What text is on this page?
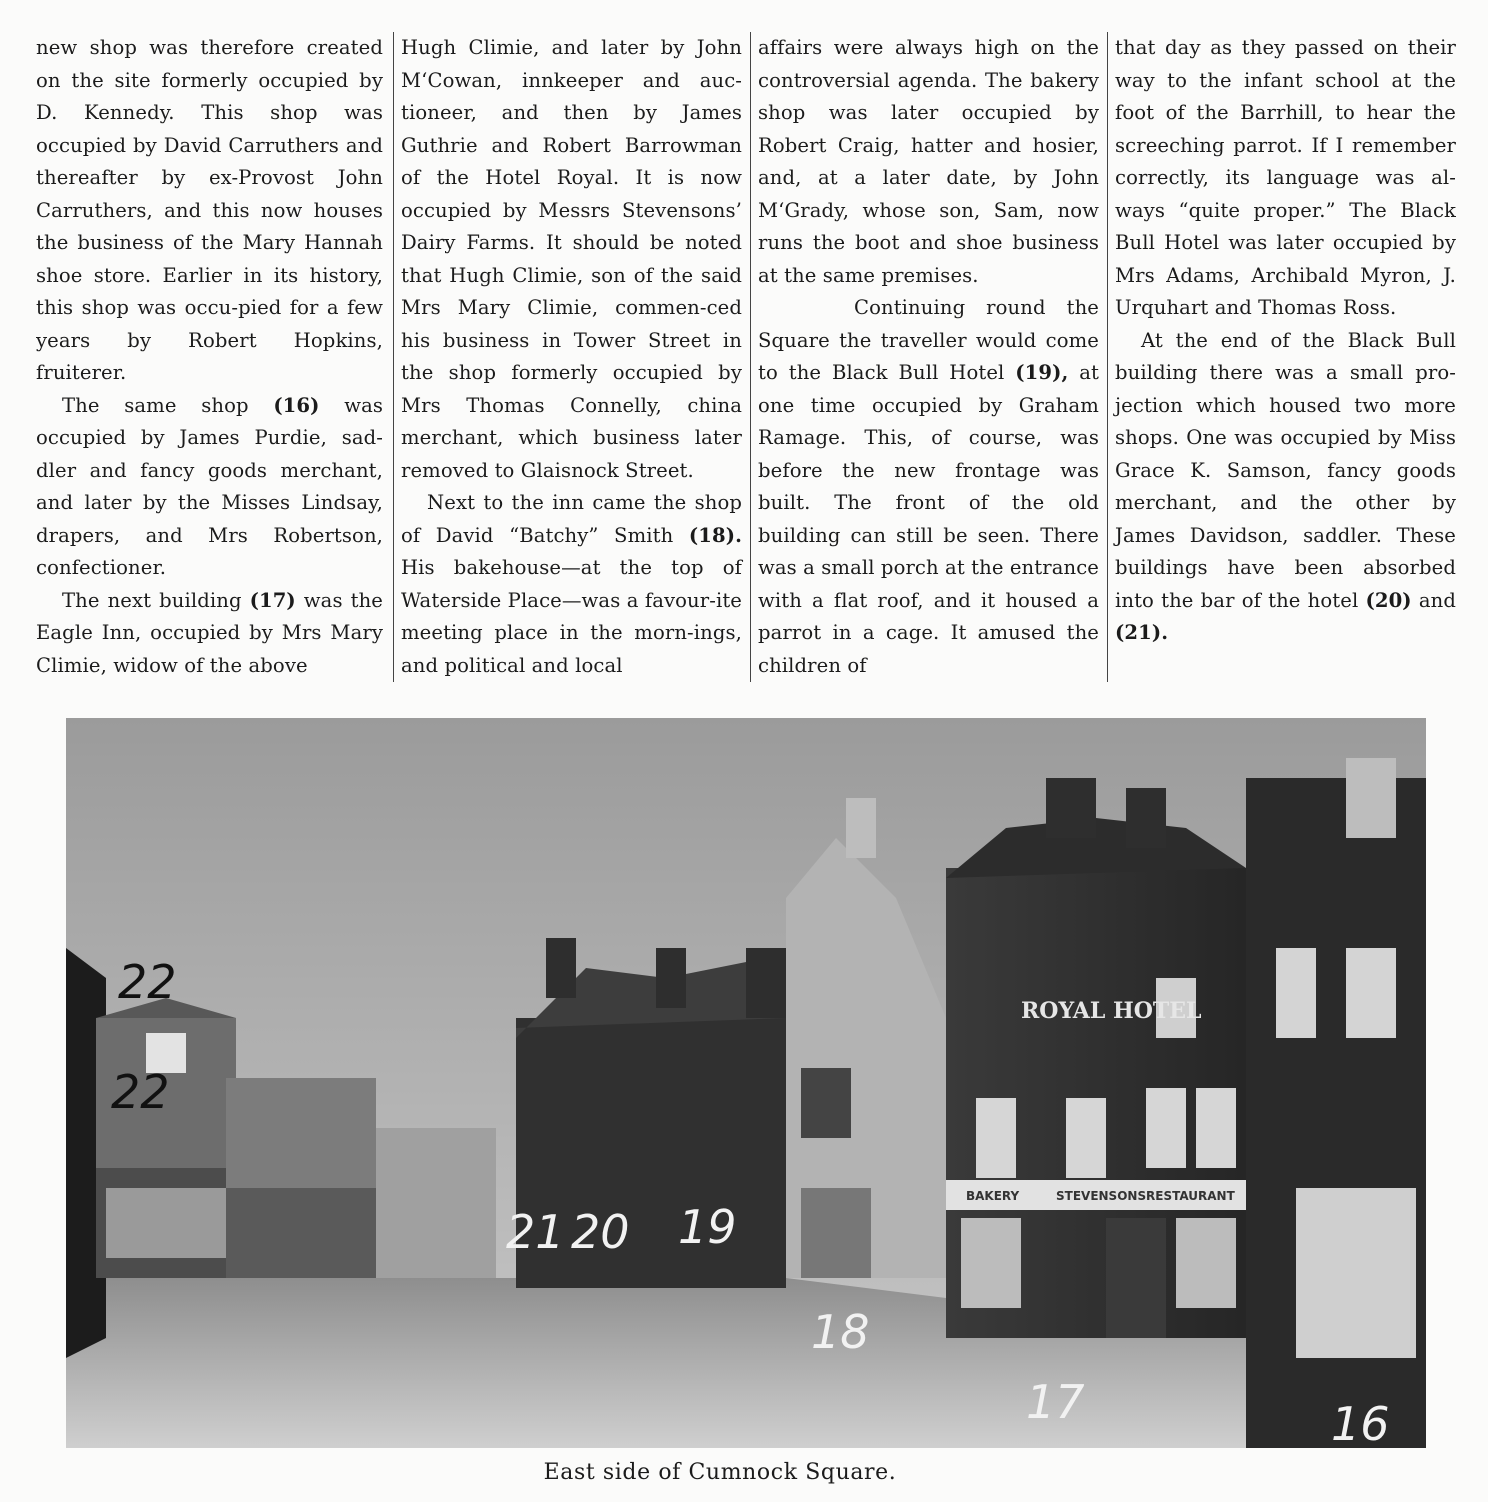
new shop was therefore created on the site formerly occupied by D. Kennedy. This shop was occupied by David Carruthers and thereafter by ex-Provost John Carruthers, and this now houses the business of the Mary Hannah shoe store. Earlier in its history, this shop was occu-pied for a few years by Robert Hopkins, fruiterer.

The same shop (16) was occupied by James Purdie, sad-dler and fancy goods merchant, and later by the Misses Lindsay, drapers, and Mrs Robertson, confectioner.

The next building (17) was the Eagle Inn, occupied by Mrs Mary Climie, widow of the above

Hugh Climie, and later by John M‘Cowan, innkeeper and auc-tioneer, and then by James Guthrie and Robert Barrowman of the Hotel Royal. It is now occupied by Messrs Stevensons’ Dairy Farms. It should be noted that Hugh Climie, son of the said Mrs Mary Climie, commen-ced his business in Tower Street in the shop formerly occupied by Mrs Thomas Connelly, china merchant, which business later removed to Glaisnock Street.

Next to the inn came the shop of David “Batchy” Smith (18). His bakehouse—at the top of Waterside Place—was a favour-ite meeting place in the morn-ings, and political and local

affairs were always high on the controversial agenda. The bakery shop was later occupied by Robert Craig, hatter and hosier, and, at a later date, by John M‘Grady, whose son, Sam, now runs the boot and shoe business at the same premises.

Continuing round the Square the traveller would come to the Black Bull Hotel (19), at one time occupied by Graham Ramage. This, of course, was before the new frontage was built. The front of the old building can still be seen. There was a small porch at the entrance with a flat roof, and it housed a parrot in a cage. It amused the children of

that day as they passed on their way to the infant school at the foot of the Barrhill, to hear the screeching parrot. If I remember correctly, its language was al-ways “quite proper.” The Black Bull Hotel was later occupied by Mrs Adams, Archibald Myron, J. Urquhart and Thomas Ross.

At the end of the Black Bull building there was a small pro-jection which housed two more shops. One was occupied by Miss Grace K. Samson, fancy goods merchant, and the other by James Davidson, saddler. These buildings have been absorbed into the bar of the hotel (20) and (21).

ROYAL HOTEL
BAKERY	STEVENSONS RESTAURANT
22
22
21 20 19
18
17	16
East side of Cumnock Square.
